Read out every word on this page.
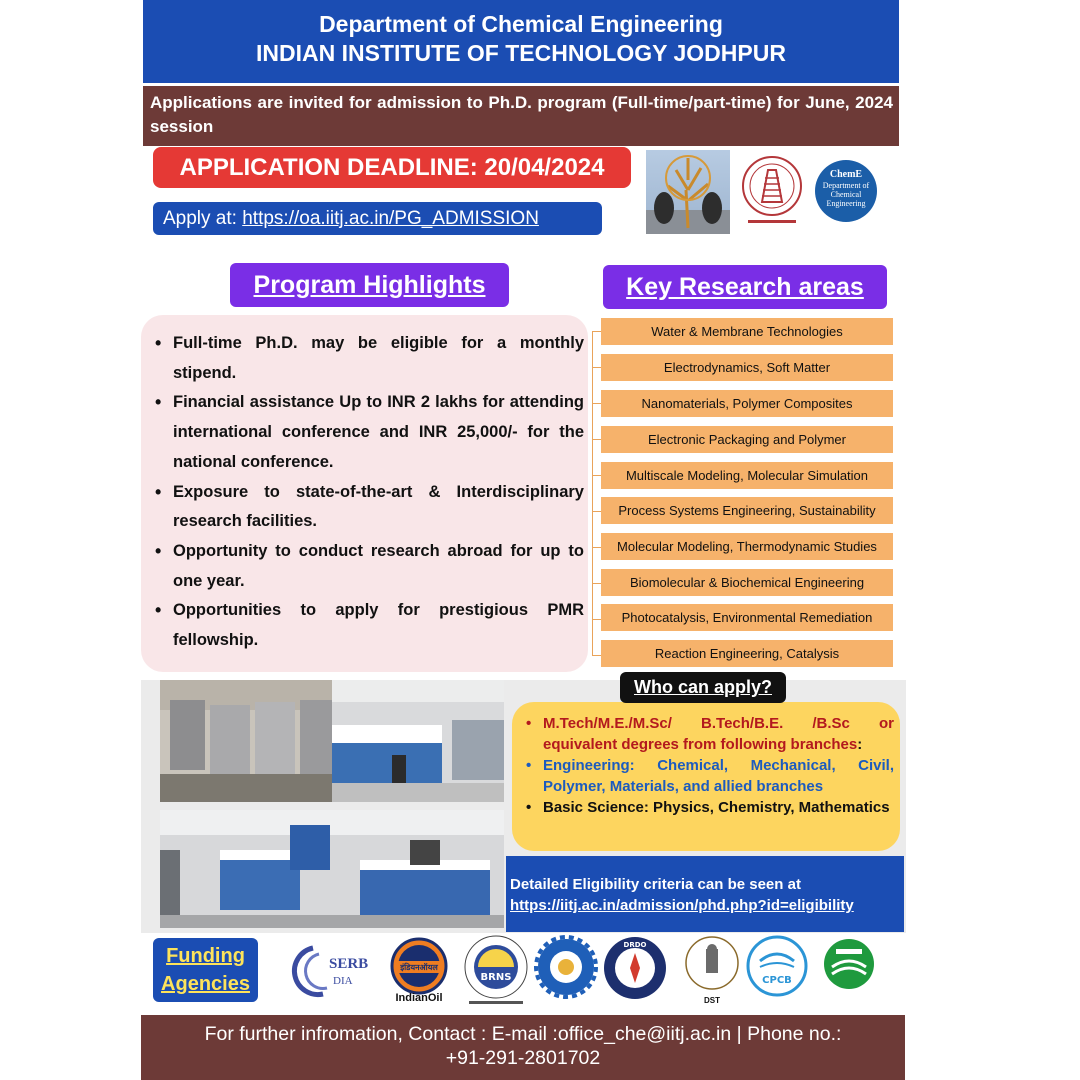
Department of Chemical Engineering
INDIAN INSTITUTE OF TECHNOLOGY JODHPUR
Applications are invited for admission to Ph.D. program (Full-time/part-time) for June, 2024 session
APPLICATION DEADLINE: 20/04/2024
Apply at: https://oa.iitj.ac.in/PG_ADMISSION
ChemE
Department of Chemical Engineering
Program Highlights	Key Research areas
• Full-time Ph.D. may be eligible for a monthly stipend.
• Financial assistance Up to INR 2 lakhs for attending international conference and INR 25,000/- for the national conference.
• Exposure to state-of-the-art & Interdisciplinary research facilities.
• Opportunity to conduct research abroad for up to one year.
• Opportunities to apply for prestigious PMR fellowship.
Water & Membrane Technologies
Electrodynamics, Soft Matter
Nanomaterials, Polymer Composites
Electronic Packaging and Polymer
Multiscale Modeling, Molecular Simulation
Process Systems Engineering, Sustainability
Molecular Modeling, Thermodynamic Studies
Biomolecular & Biochemical Engineering
Photocatalysis, Environmental Remediation
Reaction Engineering, Catalysis
• M.Tech/M.E./M.Sc/ B.Tech/B.E. /B.Sc or equivalent degrees from following branches:
• Engineering: Chemical, Mechanical, Civil, Polymer, Materials, and allied branches
• Basic Science: Physics, Chemistry, Mathematics
Who can apply?
Detailed Eligibility criteria can be seen at
https://iitj.ac.in/admission/phd.php?id=eligibility
Funding
Agencies
SERB
DIA
इंडियनऑयल
IndianOil
BRNS
DRDO
DST
CPCB
For further infromation, Contact : E-mail :office_che@iitj.ac.in | Phone no.:
+91-291-2801702
